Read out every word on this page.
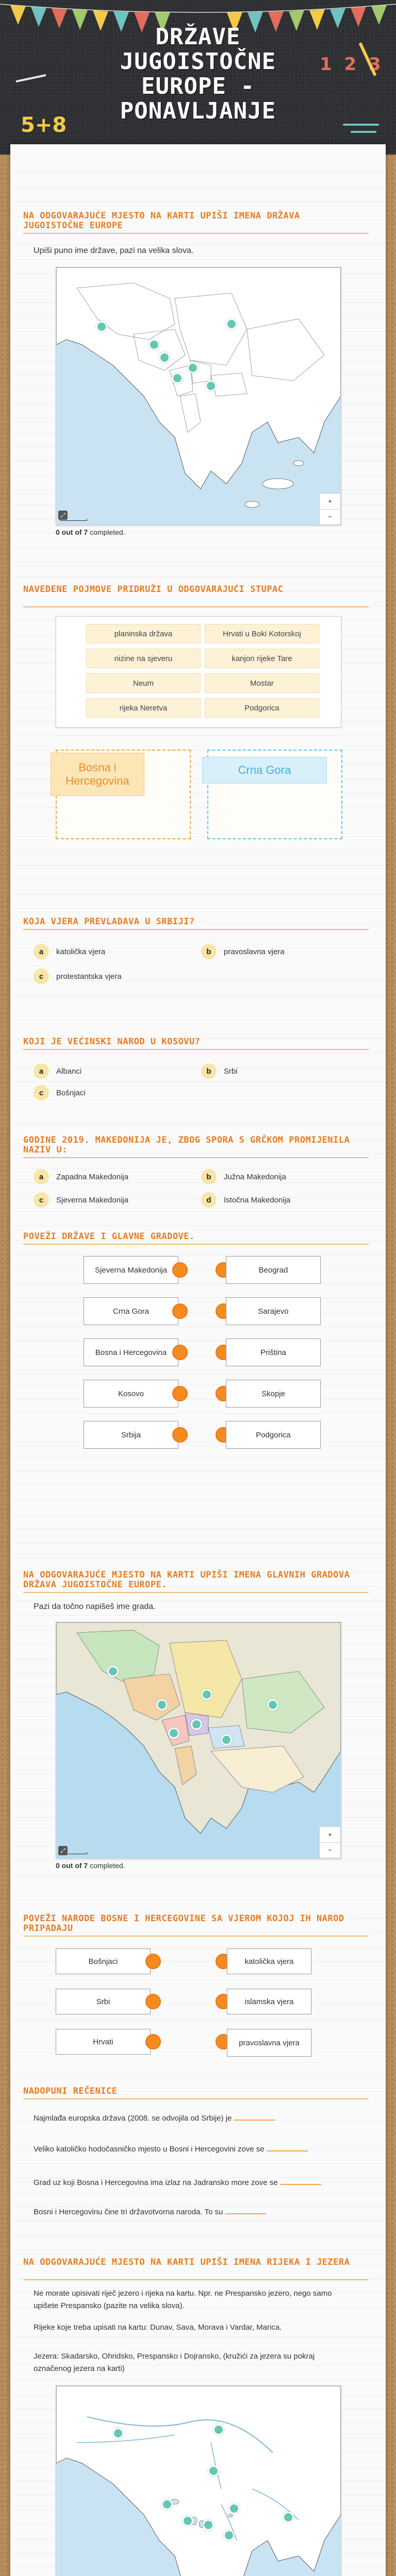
DRŽAVE
JUGOISTOČNE
EUROPE -
PONAVLJANJE
5+8
1 2 3
NA ODGOVARAJUĆE MJESTO NA KARTI UPIŠI IMENA DRŽAVA JUGOISTOČNE EUROPE
Upiši puno ime države, pazi na velika slova.
+
−
⤢
0 out of 7 completed.
NAVEDENE POJMOVE PRIDRUŽI U ODGOVARAJUĆI STUPAC
planinska država	Hrvati u Boki Kotorskoj
nizine na sjeveru	kanjon rijeke Tare
Neum	Mostar
rijeka Neretva	Podgorica
Bosna i Hercegovina
Crna Gora
KOJA VJERA PREVLADAVA U SRBIJI?
a	katolička vjera	b	pravoslavna vjera
c	protestantska vjera
KOJI JE VEĆINSKI NAROD U KOSOVU?
a	Albanci	b	Srbi
c	Bošnjaci
GODINE 2019. MAKEDONIJA JE, ZBOG SPORA S GRČKOM PROMIJENILA NAZIV U:
a	Zapadna Makedonija	b	Južna Makedonija
c	Sjeverna Makedonija	d	Istočna Makedonija
POVEŽI DRŽAVE I GLAVNE GRADOVE.
Sjeverna Makedonija	Beograd
Crna Gora	Sarajevo
Bosna i Hercegovina	Priština
Kosovo	Skopje
Srbija	Podgorica
NA ODGOVARAJUĆE MJESTO NA KARTI UPIŠI IMENA GLAVNIH GRADOVA DRŽAVA JUGOISTOČNE EUROPE.
Pazi da točno napišeš ime grada.
+
−
⤢
0 out of 7 completed.
POVEŽI NARODE BOSNE I HERCEGOVINE SA VJEROM KOJOJ IH NAROD PRIPADAJU
Bošnjaci	katolička vjera
Srbi	islamska vjera
Hrvati	pravoslavna vjera
NADOPUNI REČENICE
Najmlađa europska država (2008. se odvojila od Srbije) je
Veliko katoličko hodočasničko mjesto u Bosni i Hercegovini zove se
Grad uz koji Bosna i Hercegovina ima izlaz na Jadransko more zove se
Bosni i Hercegovinu čine tri državotvorna naroda. To su
NA ODGOVARAJUĆE MJESTO NA KARTI UPIŠI IMENA RIJEKA I JEZERA
Ne morate upisivati riječ jezero i rijeka na kartu. Npr. ne Prespansko jezero, nego samo upišete Prespansko (pazite na velika slova).
Rijeke koje treba upisati na kartu: Dunav, Sava, Morava i Vardar, Marica.
Jezera: Skadarsko, Ohridsko, Prespansko i Dojransko, (kružići za jezera su pokraj označenog jezera na karti)
